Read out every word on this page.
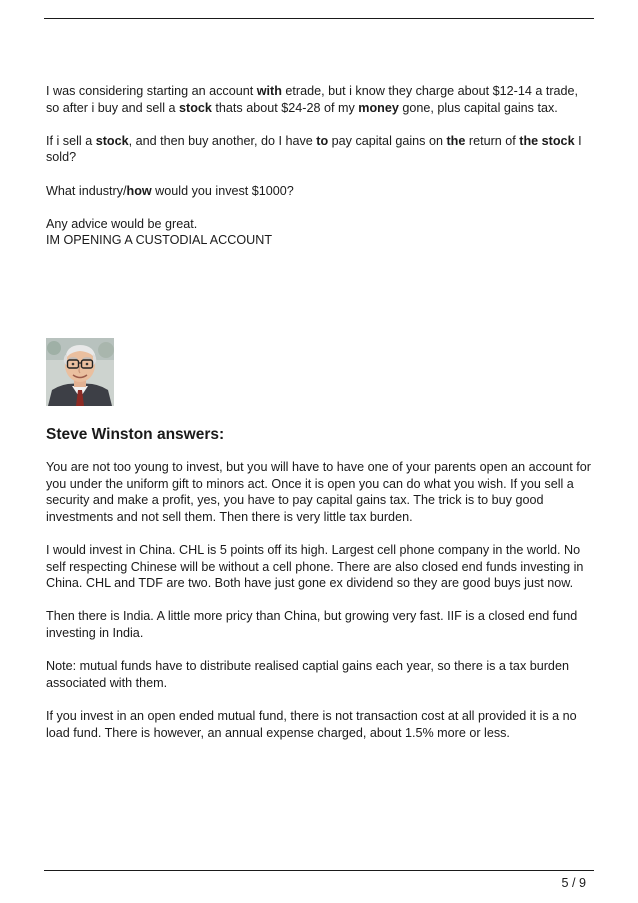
I was considering starting an account with etrade, but i know they charge about $12-14 a trade, so after i buy and sell a stock thats about $24-28 of my money gone, plus capital gains tax.

If i sell a stock, and then buy another, do I have to pay capital gains on the return of the stock I sold?

What industry/how would you invest $1000?

Any advice would be great.
IM OPENING A CUSTODIAL ACCOUNT

Steve Winston answers:

You are not too young to invest, but you will have to have one of your parents open an account for you under the uniform gift to minors act. Once it is open you can do what you wish. If you sell a security and make a profit, yes, you have to pay capital gains tax. The trick is to buy good investments and not sell them. Then there is very little tax burden.

I would invest in China. CHL is 5 points off its high. Largest cell phone company in the world. No self respecting Chinese will be without a cell phone. There are also closed end funds investing in China. CHL and TDF are two. Both have just gone ex dividend so they are good buys just now.

Then there is India. A little more pricy than China, but growing very fast. IIF is a closed end fund investing in India.

Note: mutual funds have to distribute realised captial gains each year, so there is a tax burden associated with them.

If you invest in an open ended mutual fund, there is not transaction cost at all provided it is a no load fund. There is however, an annual expense charged, about 1.5% more or less.

5 / 9
